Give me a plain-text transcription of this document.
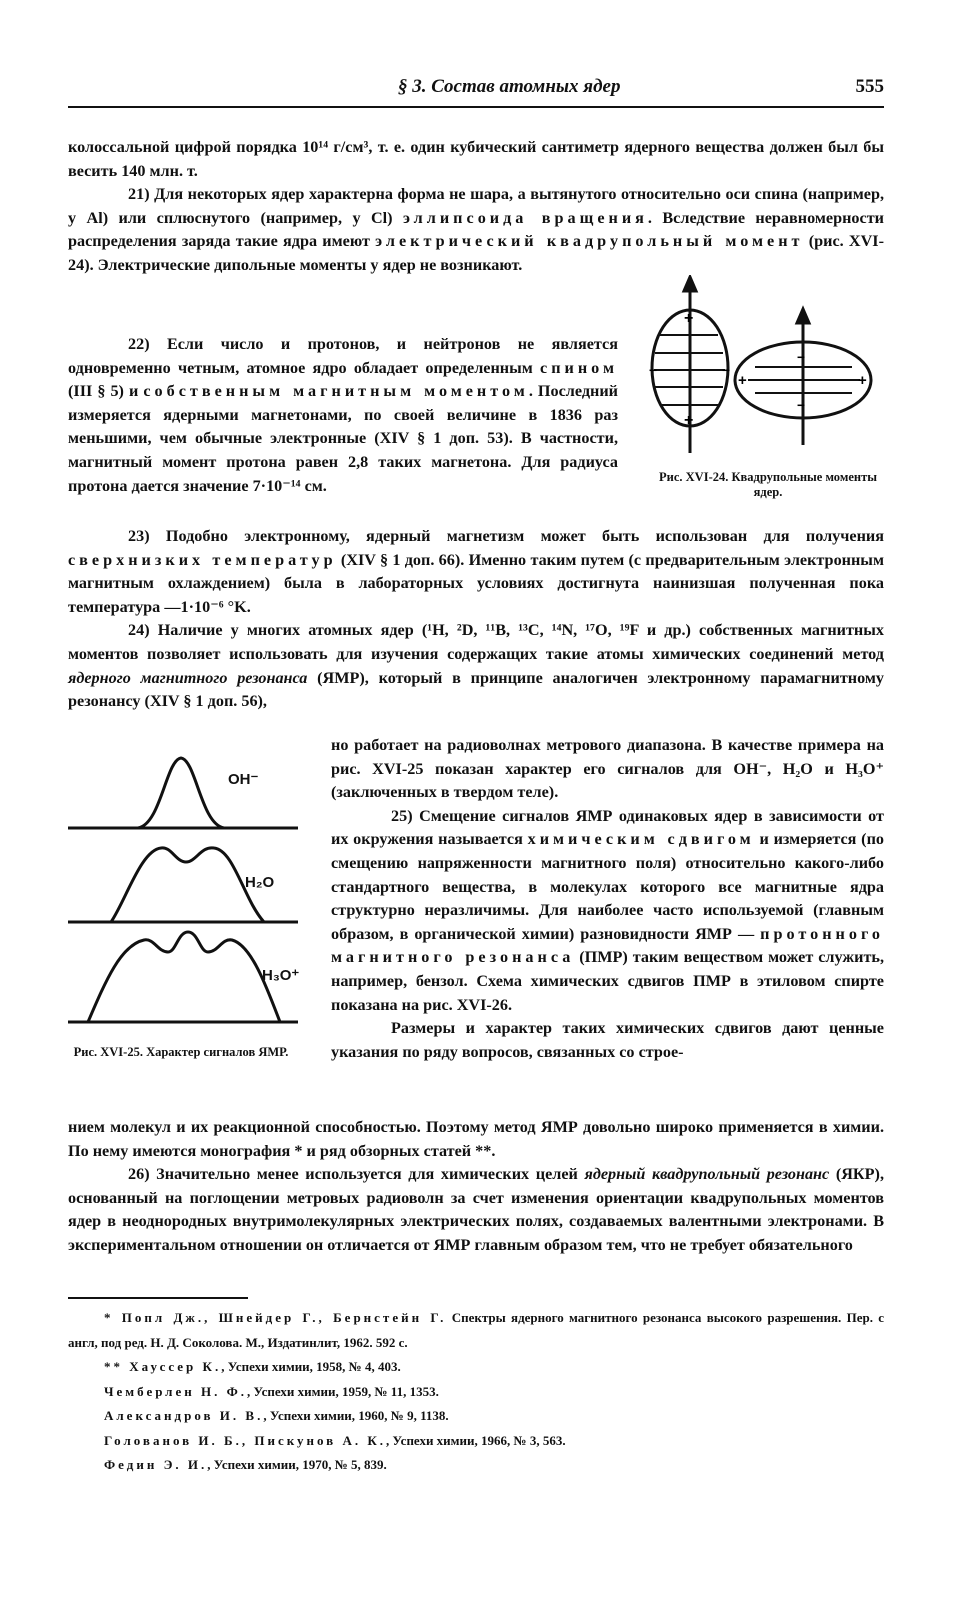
§ 3. Состав атомных ядер	555

колоссальной цифрой порядка 10¹⁴ г/см³, т. е. один кубический сантиметр ядерного вещества должен был бы весить 140 млн. т.

21) Для некоторых ядер характерна форма не шара, а вытянутого относительно оси спина (например, у Al) или сплюснутого (например, у Cl) эллипсоида вращения. Вследствие неравномерности распределения заряда такие ядра имеют электрический квадрупольный момент (рис. XVI-24). Электрические дипольные моменты у ядер не возникают.

22) Если число и протонов, и нейтронов не является одновременно четным, атомное ядро обладает определенным спином (III § 5) и собственным магнитным моментом. Последний измеряется ядерными магнетонами, по своей величине в 1836 раз меньшими, чем обычные электронные (XIV § 1 доп. 53). В частности, магнитный момент протона равен 2,8 таких магнетона. Для радиуса протона дается значение 7·10⁻¹⁴ см.

+
+
−	−
−
−
+	+
Рис. XVI-24. Квадрупольные моменты ядер.

23) Подобно электронному, ядерный магнетизм может быть использован для получения сверхнизких температур (XIV § 1 доп. 66). Именно таким путем (с предварительным электронным магнитным охлаждением) была в лабораторных условиях достигнута наинизшая полученная пока температура —1·10⁻⁶ °K.

24) Наличие у многих атомных ядер (¹H, ²D, ¹¹B, ¹³C, ¹⁴N, ¹⁷O, ¹⁹F и др.) собственных магнитных моментов позволяет использовать для изучения содержащих такие атомы химических соединений метод ядерного магнитного резонанса (ЯМР), который в принципе аналогичен электронному парамагнитному резонансу (XIV § 1 доп. 56),

но работает на радиоволнах метрового диапазона. В качестве примера на рис. XVI-25 показан характер его сигналов для OH⁻, H₂O и H₃O⁺ (заключенных в твердом теле).

25) Смещение сигналов ЯМР одинаковых ядер в зависимости от их окружения называется химическим сдвигом и измеряется (по смещению напряженности магнитного поля) относительно какого-либо стандартного вещества, в молекулах которого все магнитные ядра структурно неразличимы. Для наиболее часто используемой (главным образом, в органической химии) разновидности ЯМР — протонного магнитного резонанса (ПМР) таким веществом может служить, например, бензол. Схема химических сдвигов ПМР в этиловом спирте показана на рис. XVI-26.

Размеры и характер таких химических сдвигов дают ценные указания по ряду вопросов, связанных со строе-

OH⁻
H₂O
H₃O⁺
Рис. XVI-25. Характер сигналов ЯМР.

нием молекул и их реакционной способностью. Поэтому метод ЯМР довольно широко применяется в химии. По нему имеются монография * и ряд обзорных статей **.

26) Значительно менее используется для химических целей ядерный квадрупольный резонанс (ЯКР), основанный на поглощении метровых радиоволн за счет изменения ориентации квадрупольных моментов ядер в неоднородных внутримолекулярных электрических полях, создаваемых валентными электронами. В экспериментальном отношении он отличается от ЯМР главным образом тем, что не требует обязательного

* Попл Дж., Шнейдер Г., Бернстейн Г. Спектры ядерного магнитного резонанса высокого разрешения. Пер. с англ, под ред. Н. Д. Соколова. М., Издатинлит, 1962. 592 с.
** Хауссер К., Успехи химии, 1958, № 4, 403.
Чемберлен Н. Ф., Успехи химии, 1959, № 11, 1353.
Александров И. В., Успехи химии, 1960, № 9, 1138.
Голованов И. Б., Пискунов А. К., Успехи химии, 1966, № 3, 563.
Федин Э. И., Успехи химии, 1970, № 5, 839.
